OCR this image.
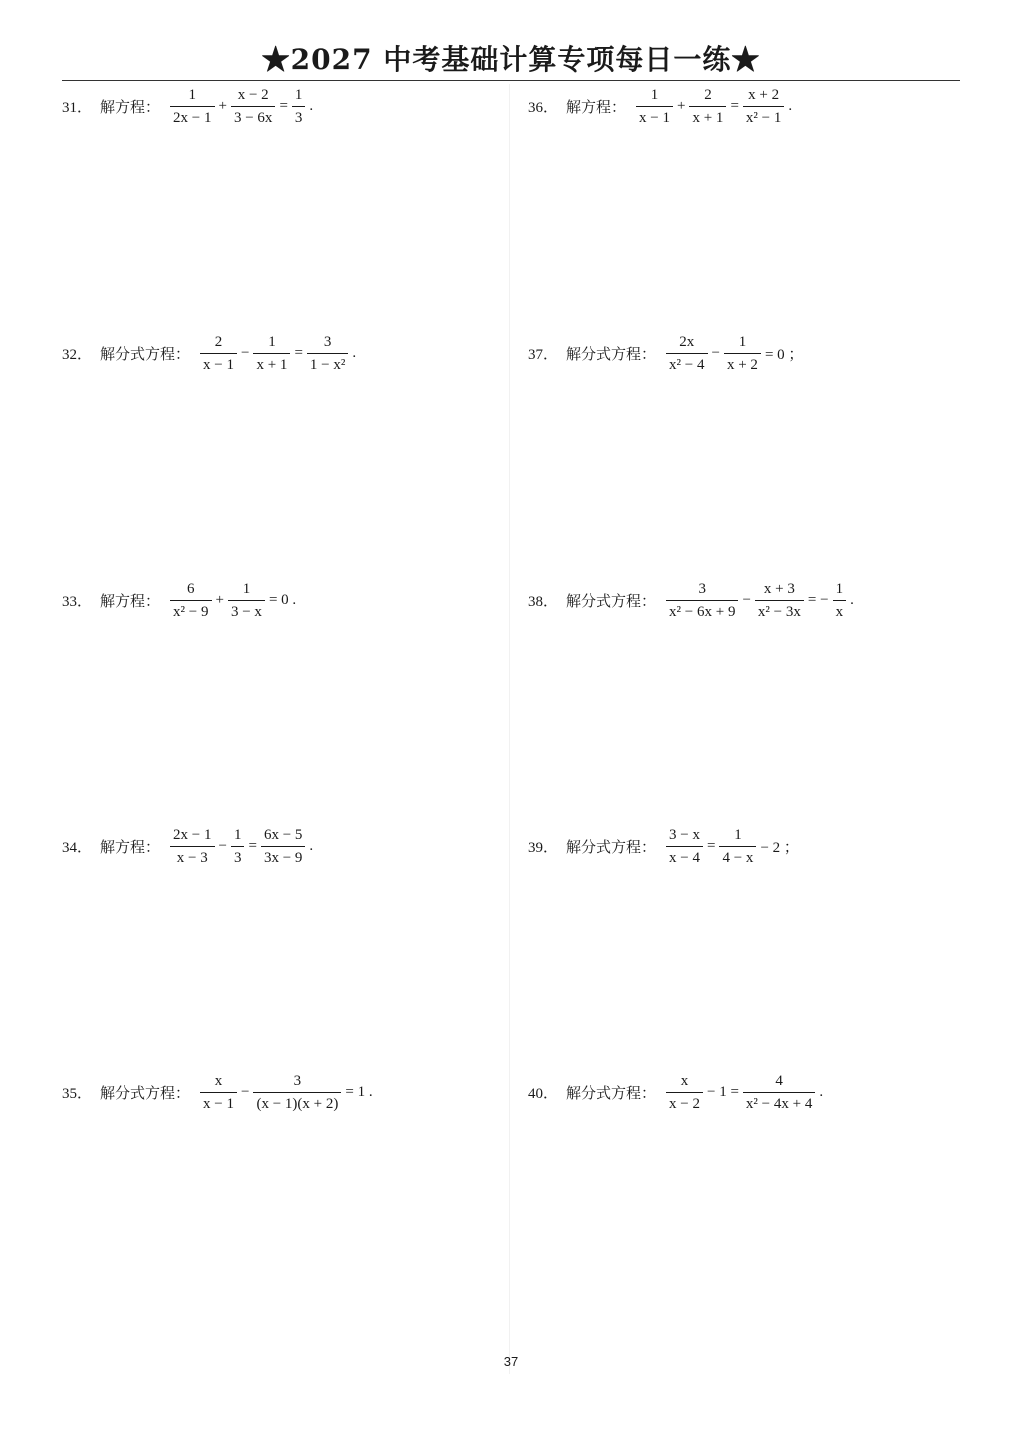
★2027 中考基础计算专项每日一练★
31． 解方程： $\frac{1}{2x - 1} + \frac{x - 2}{3 - 6x} = \frac{1}{3}$ .
32． 解分式方程： $\frac{2}{x - 1} - \frac{1}{x + 1} = \frac{3}{\text{1 − x²}}$ .
33． 解方程： $\frac{6}{\text{x² − 9}} + \frac{1}{3 - x} = 0$ .
34． 解方程： $\frac{2x - 1}{x - 3} - \frac{1}{3} = \frac{6x - 5}{3x - 9}$ .
35． 解分式方程： $\frac{x}{x - 1} - \frac{3}{(x - 1)(x + 2)} = 1$ .
36． 解方程： $\frac{1}{x - 1} + \frac{2}{x + 1} = \frac{x + 2}{\text{x² − 1}}$ .
37． 解分式方程： $\frac{2x}{\text{x² − 4}} - \frac{1}{x + 2} = 0$ ；
38． 解分式方程： $\frac{3}{\text{x² − 6x + 9}} - \frac{x + 3}{\text{x² − 3x}}$ = − $\frac{1}{x}$ .
39． 解分式方程： $\frac{3 - x}{x - 4} = \frac{1}{4 - x} - 2$ ；
40． 解分式方程： $\frac{x}{x - 2} - 1 = \frac{4}{\text{x² − 4x + 4}}$ .
37
